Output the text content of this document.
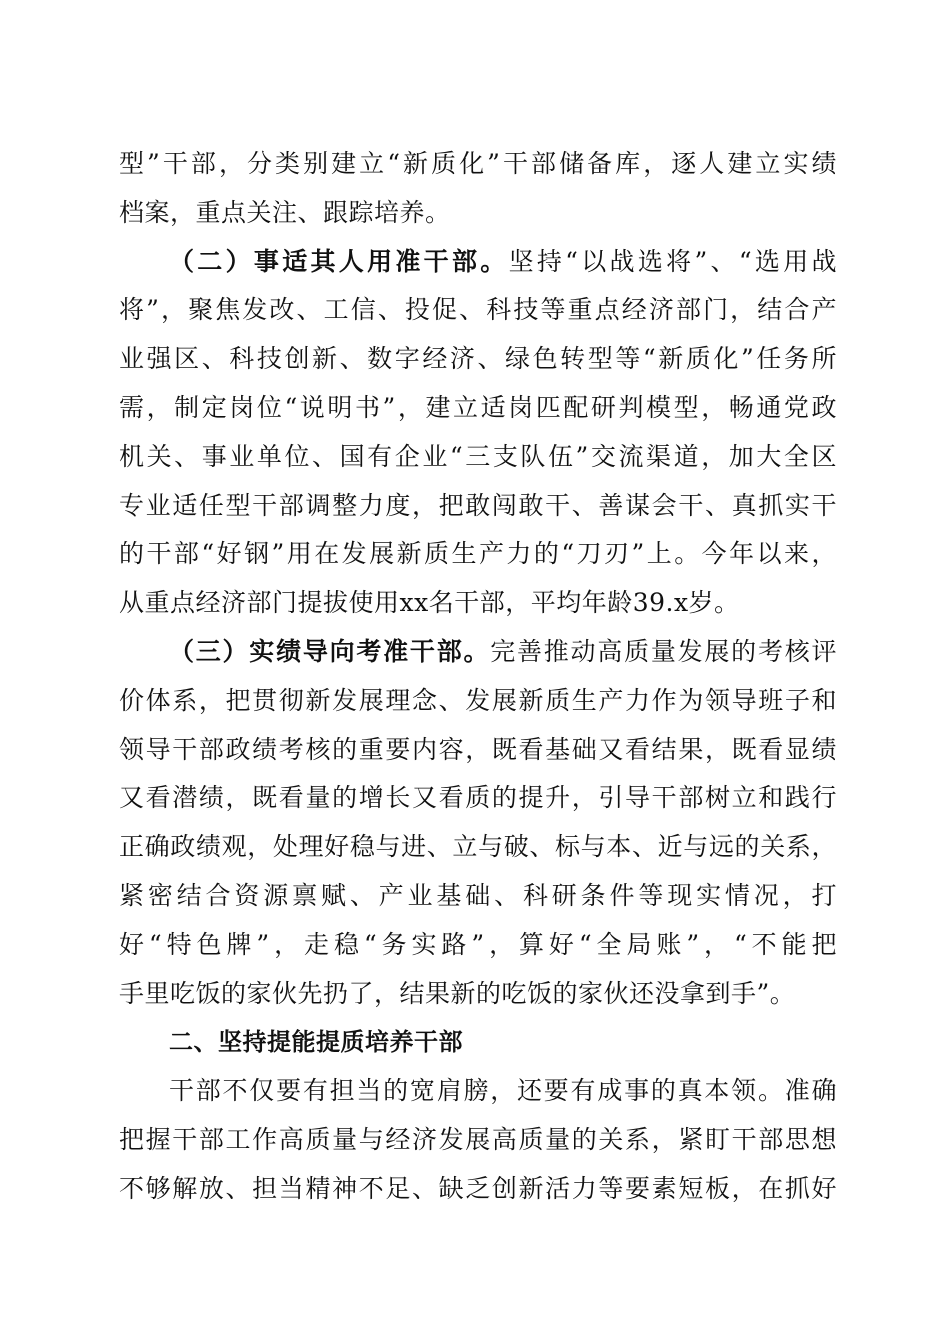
型”干部，分类别建立“新质化”干部储备库，逐人建立实绩
档案，重点关注、跟踪培养。
（二）事适其人用准干部。坚持“以战选将”、“选用战
将”，聚焦发改、工信、投促、科技等重点经济部门，结合产
业强区、科技创新、数字经济、绿色转型等“新质化”任务所
需，制定岗位“说明书”，建立适岗匹配研判模型，畅通党政
机关、事业单位、国有企业“三支队伍”交流渠道，加大全区
专业适任型干部调整力度，把敢闯敢干、善谋会干、真抓实干
的干部“好钢”用在发展新质生产力的“刀刃”上。今年以来，
从重点经济部门提拔使用xx名干部，平均年龄39.x岁。
（三）实绩导向考准干部。完善推动高质量发展的考核评
价体系，把贯彻新发展理念、发展新质生产力作为领导班子和
领导干部政绩考核的重要内容，既看基础又看结果，既看显绩
又看潜绩，既看量的增长又看质的提升，引导干部树立和践行
正确政绩观，处理好稳与进、立与破、标与本、近与远的关系，
紧密结合资源禀赋、产业基础、科研条件等现实情况，打
好“特色牌”，走稳“务实路”，算好“全局账”，“不能把
手里吃饭的家伙先扔了，结果新的吃饭的家伙还没拿到手”。
二、坚持提能提质培养干部
干部不仅要有担当的宽肩膀，还要有成事的真本领。准确
把握干部工作高质量与经济发展高质量的关系，紧盯干部思想
不够解放、担当精神不足、缺乏创新活力等要素短板，在抓好
